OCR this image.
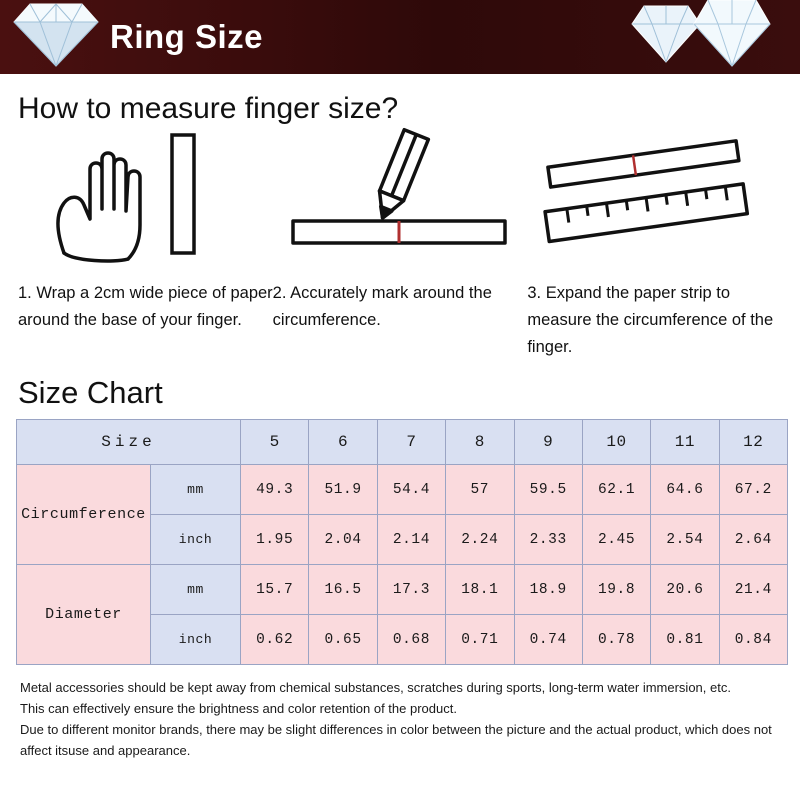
Ring Size
How to measure finger size?
1. Wrap a 2cm wide piece of paper around the base of your finger.
2. Accurately mark around the circumference.
3. Expand the paper strip to measure the circumference of the finger.
Size Chart
Size		5	6	7	8	9	10	11	12
Circumference	mm	49.3	51.9	54.4	57	59.5	62.1	64.6	67.2
	inch	1.95	2.04	2.14	2.24	2.33	2.45	2.54	2.64
Diameter	mm	15.7	16.5	17.3	18.1	18.9	19.8	20.6	21.4
	inch	0.62	0.65	0.68	0.71	0.74	0.78	0.81	0.84

Metal accessories should be kept away from chemical substances, scratches during sports, long-term water immersion, etc.

This can effectively ensure the brightness and color retention of the product.

Due to different monitor brands, there may be slight differences in color between the picture and the actual product, which does not

affect itsuse and appearance.
